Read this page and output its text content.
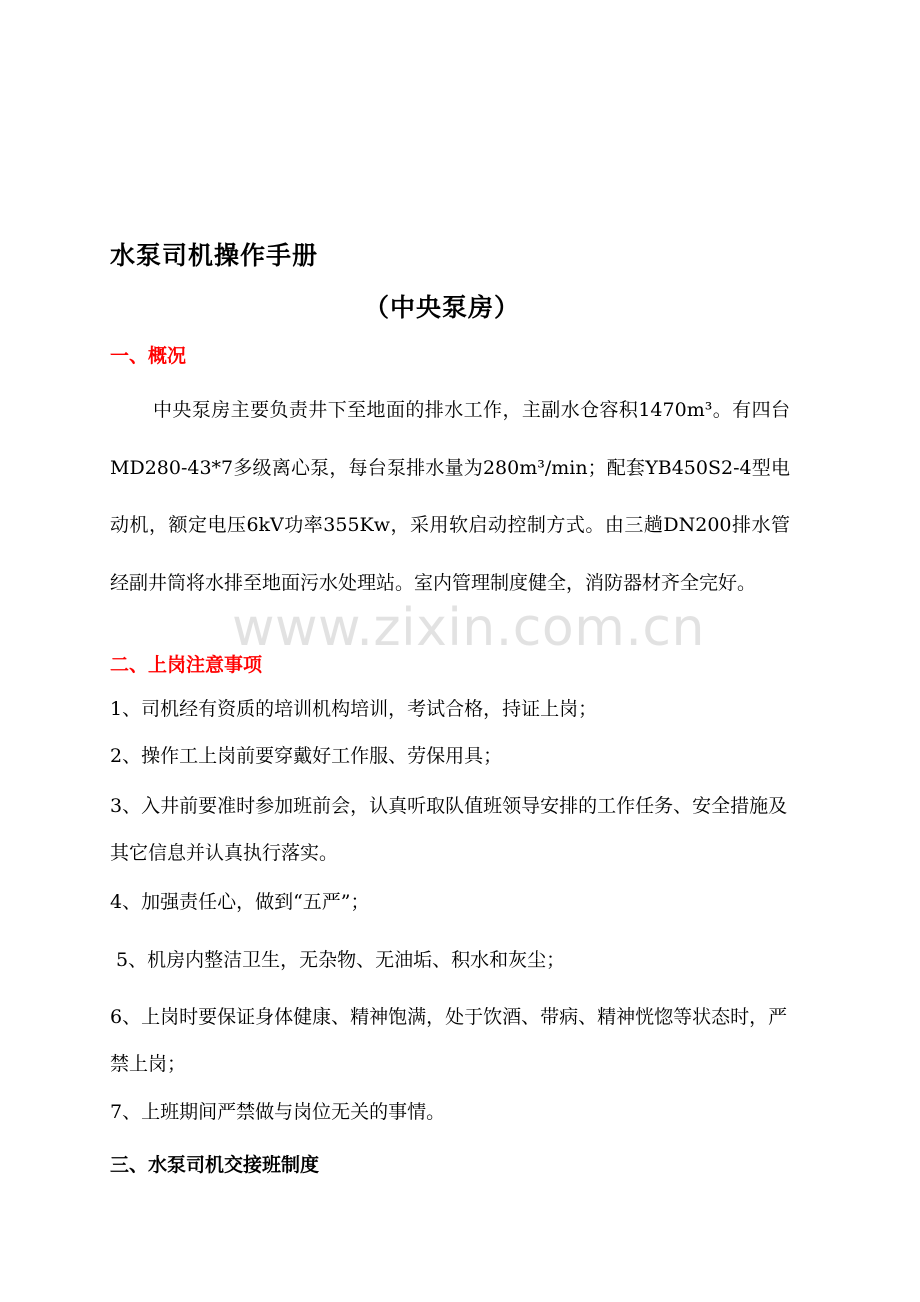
www.zixin.com.cn
水泵司机操作手册
（中央泵房）
一、概况
中央泵房主要负责井下至地面的排水工作，主副水仓容积1470m³。有四台MD280-43*7多级离心泵，每台泵排水量为280m³/min；配套YB450S2-4型电动机，额定电压6kV功率355Kw，采用软启动控制方式。由三趟DN200排水管经副井筒将水排至地面污水处理站。室内管理制度健全，消防器材齐全完好。
二、上岗注意事项
1、司机经有资质的培训机构培训，考试合格，持证上岗；
2、操作工上岗前要穿戴好工作服、劳保用具；
3、入井前要准时参加班前会，认真听取队值班领导安排的工作任务、安全措施及其它信息并认真执行落实。
4、加强责任心，做到“五严”；
5、机房内整洁卫生，无杂物、无油垢、积水和灰尘；
6、上岗时要保证身体健康、精神饱满，处于饮酒、带病、精神恍惚等状态时，严禁上岗；
7、上班期间严禁做与岗位无关的事情。
三、水泵司机交接班制度
